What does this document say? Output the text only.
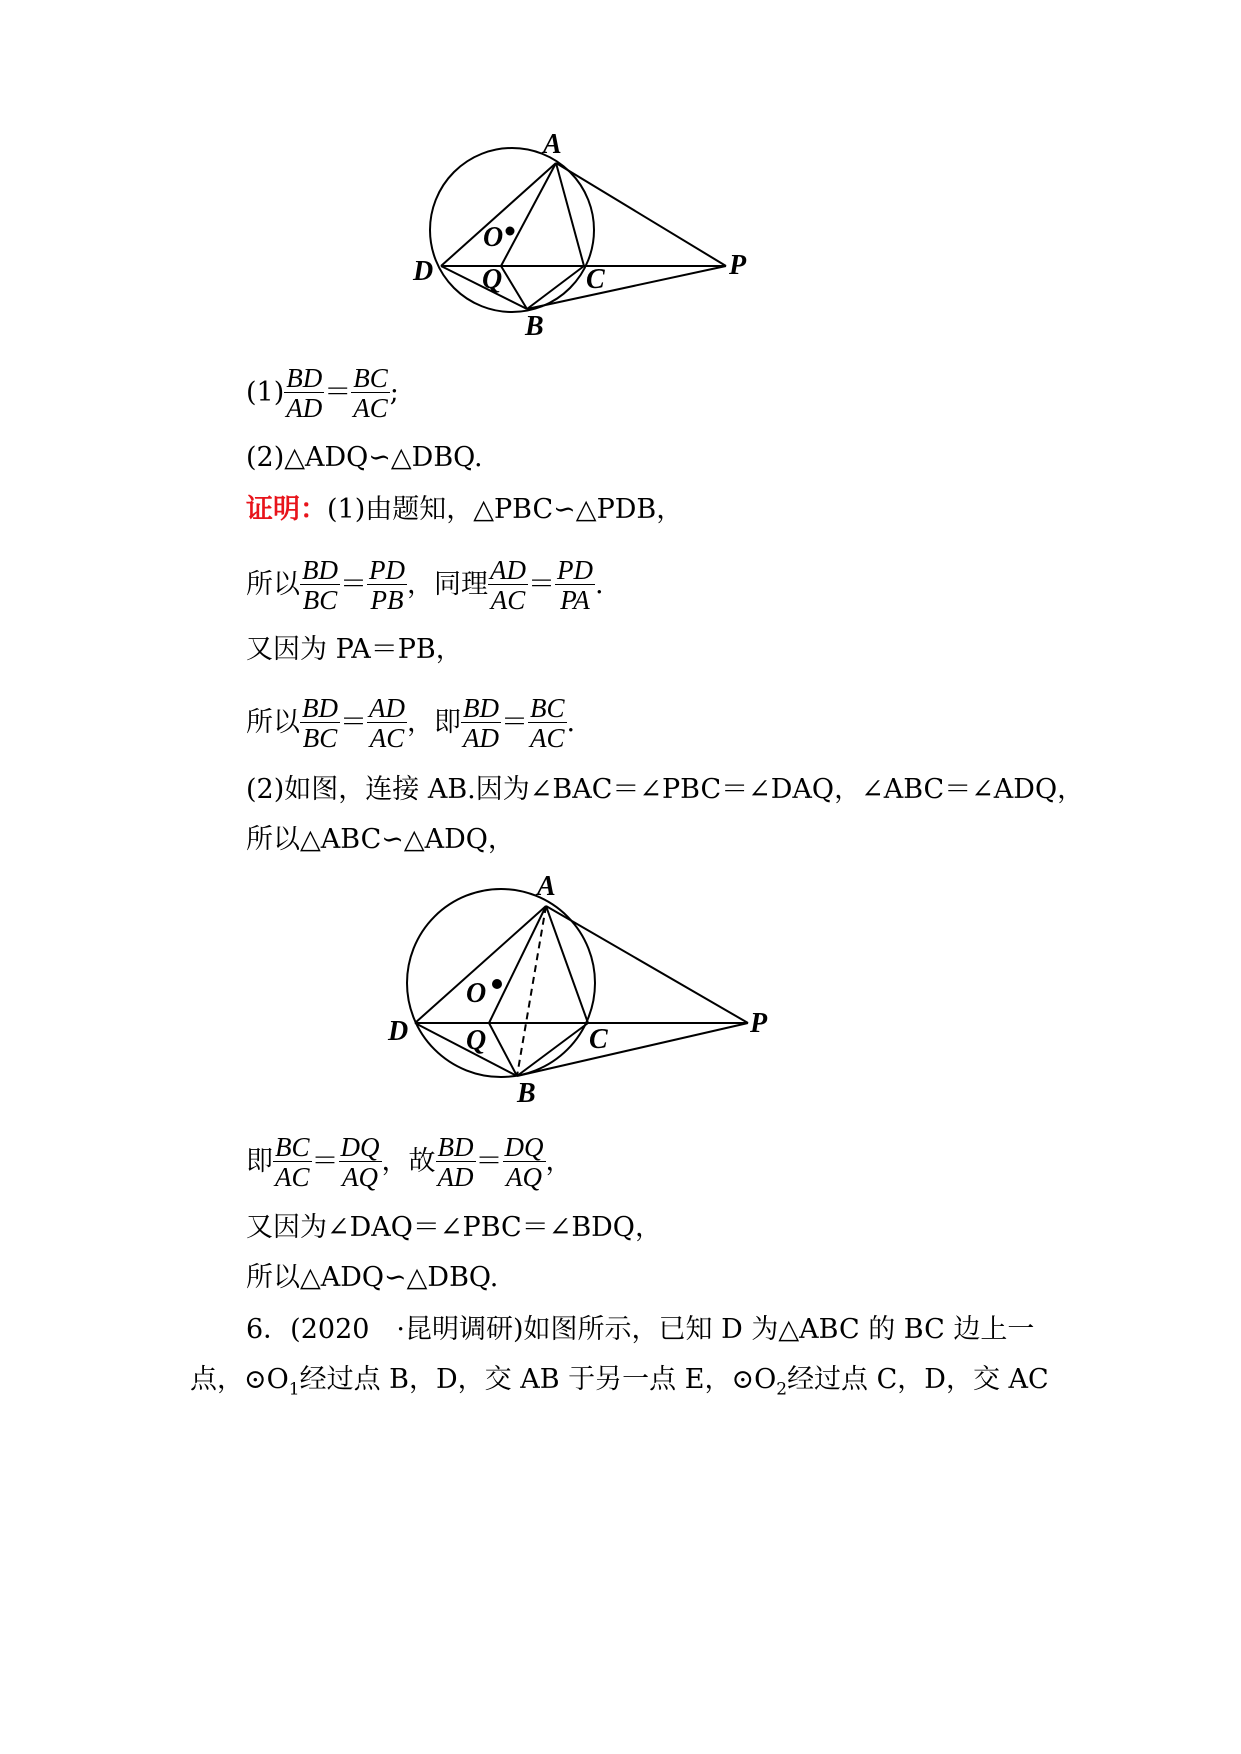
A
O
D Q	C	P
B
$(1) \frac{BD}{AD} = \frac{BC}{AC}$ ;
(2)△ADQ∽△DBQ.
证明：(1)由题知，△PBC∽△PDB，
所以 $\frac{BD}{BC} = \frac{PD}{PB}$ ，同理 $\frac{AD}{AC} = \frac{PD}{PA}$ .
又因为 PA＝PB，
所以 $\frac{BD}{BC} = \frac{AD}{AC}$ ，即 $\frac{BD}{AD} = \frac{BC}{AC}$ .
(2)如图，连接 AB.因为∠BAC＝∠PBC＝∠DAQ，∠ABC＝∠ADQ，
所以△ABC∽△ADQ，
A
O
D Q	C
P
B
即 $\frac{BC}{AC} = \frac{DQ}{AQ}$ ，故 $\frac{BD}{AD} = \frac{DQ}{AQ}$ ，
又因为∠DAQ＝∠PBC＝∠BDQ，
所以△ADQ∽△DBQ.
6．(2020　·昆明调研)如图所示，已知 D 为△ABC 的 BC 边上一
点，$⊙O_1$经过点 B，D，交 AB 于另一点 E，$⊙O_2$经过点 C，D，交 AC
